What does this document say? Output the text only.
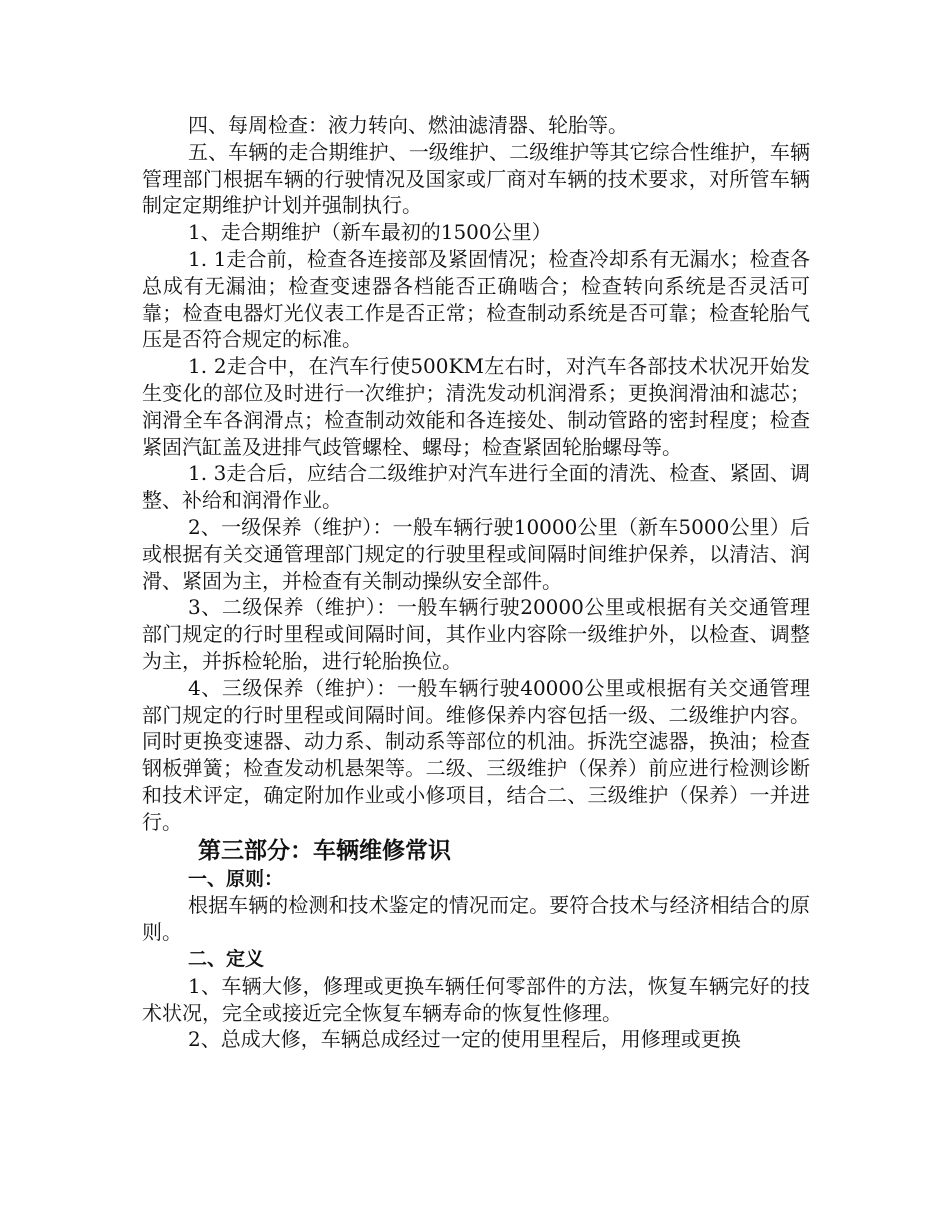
四、每周检查：液力转向、燃油滤清器、轮胎等。

五、车辆的走合期维护、一级维护、二级维护等其它综合性维护，车辆管理部门根据车辆的行驶情况及国家或厂商对车辆的技术要求，对所管车辆制定定期维护计划并强制执行。

1、走合期维护（新车最初的1500公里）

1. 1走合前，检查各连接部及紧固情况；检查冷却系有无漏水；检查各总成有无漏油；检查变速器各档能否正确啮合；检查转向系统是否灵活可靠；检查电器灯光仪表工作是否正常；检查制动系统是否可靠；检查轮胎气压是否符合规定的标准。

1. 2走合中，在汽车行使500KM左右时，对汽车各部技术状况开始发生变化的部位及时进行一次维护；清洗发动机润滑系；更换润滑油和滤芯；润滑全车各润滑点；检查制动效能和各连接处、制动管路的密封程度；检查紧固汽缸盖及进排气歧管螺栓、螺母；检查紧固轮胎螺母等。

1. 3走合后，应结合二级维护对汽车进行全面的清洗、检查、紧固、调整、补给和润滑作业。

2、一级保养（维护）：一般车辆行驶10000公里（新车5000公里）后或根据有关交通管理部门规定的行驶里程或间隔时间维护保养，以清洁、润滑、紧固为主，并检查有关制动操纵安全部件。

3、二级保养（维护）：一般车辆行驶20000公里或根据有关交通管理部门规定的行时里程或间隔时间，其作业内容除一级维护外，以检查、调整为主，并拆检轮胎，进行轮胎换位。

4、三级保养（维护）：一般车辆行驶40000公里或根据有关交通管理部门规定的行时里程或间隔时间。维修保养内容包括一级、二级维护内容。同时更换变速器、动力系、制动系等部位的机油。拆洗空滤器，换油；检查钢板弹簧；检查发动机悬架等。二级、三级维护（保养）前应进行检测诊断和技术评定，确定附加作业或小修项目，结合二、三级维护（保养）一并进行。

第三部分：车辆维修常识
一、原则：

根据车辆的检测和技术鉴定的情况而定。要符合技术与经济相结合的原则。

二、定义

1、车辆大修，修理或更换车辆任何零部件的方法，恢复车辆完好的技术状况，完全或接近完全恢复车辆寿命的恢复性修理。

2、总成大修，车辆总成经过一定的使用里程后，用修理或更换
